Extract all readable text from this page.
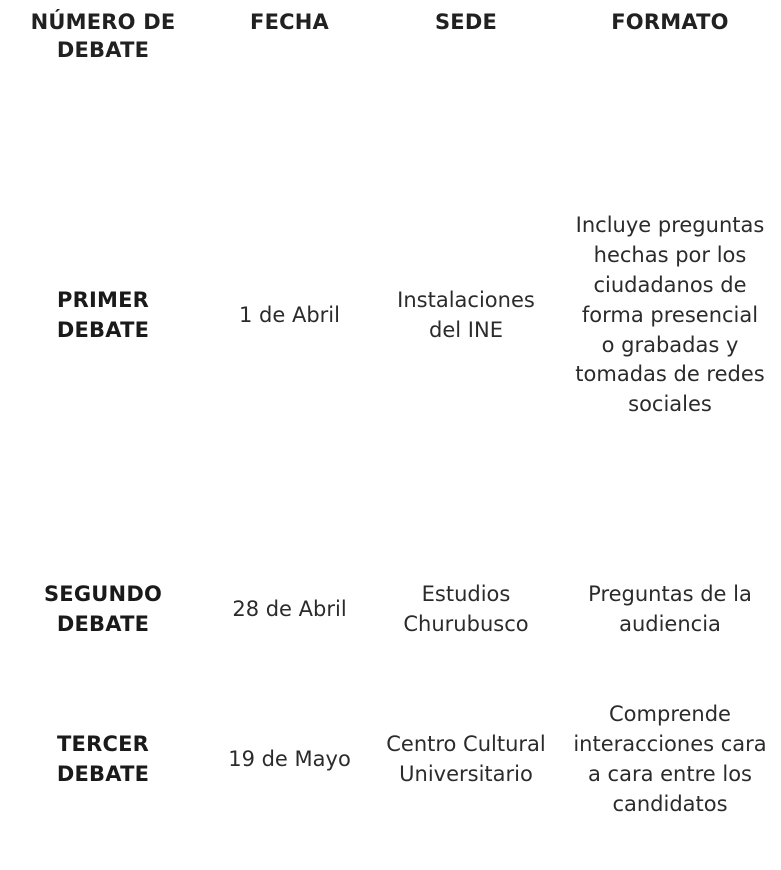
NÚMERO DE DEBATE	FECHA	SEDE	FORMATO
PRIMER DEBATE	1 de Abril	Instalaciones del INE	Incluye preguntas hechas por los ciudadanos de forma presencial o grabadas y tomadas de redes sociales
SEGUNDO DEBATE	28 de Abril	Estudios Churubusco	Preguntas de la audiencia
TERCER DEBATE	19 de Mayo	Centro Cultural Universitario	Comprende interacciones cara a cara entre los candidatos
